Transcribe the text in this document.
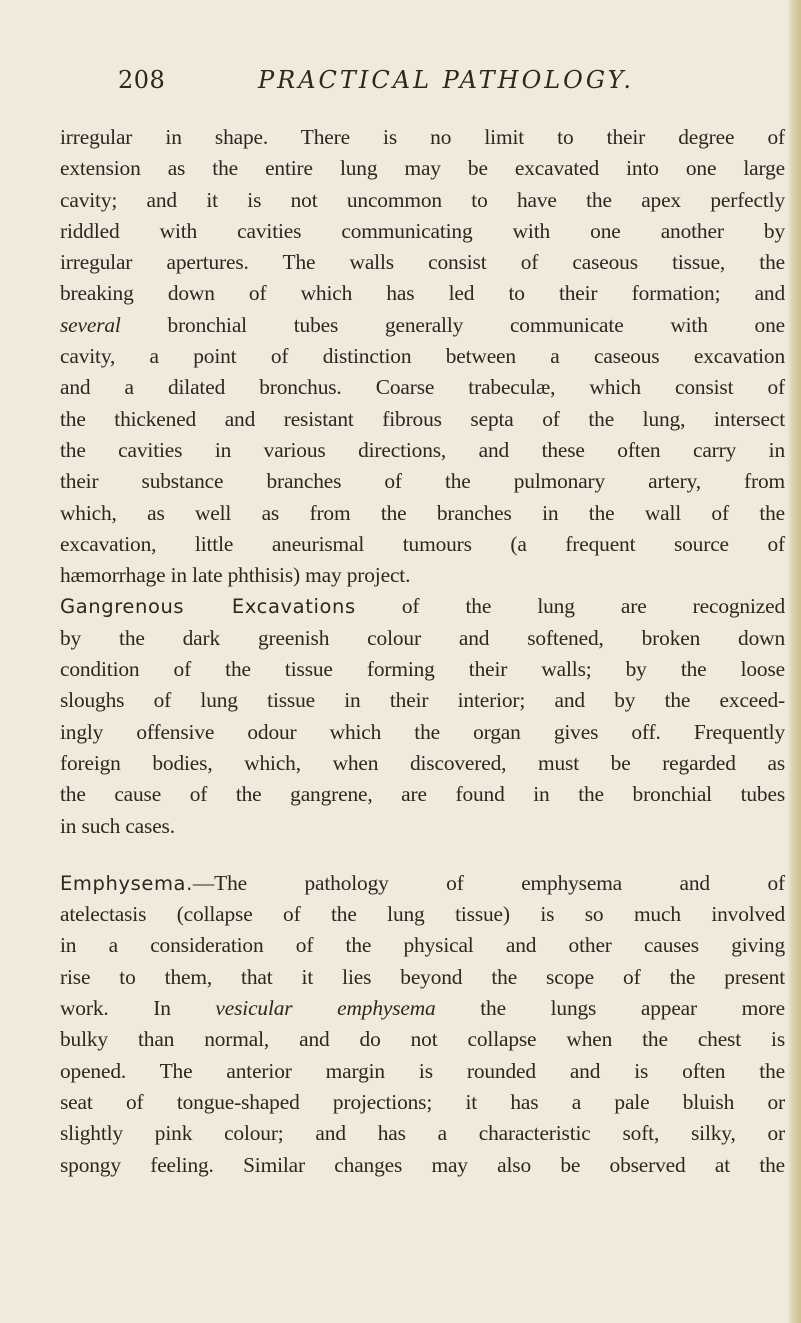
208	PRACTICAL PATHOLOGY.
irregular in shape. There is no limit to their degree of
extension as the entire lung may be excavated into one large
cavity; and it is not uncommon to have the apex perfectly
riddled with cavities communicating with one another by
irregular apertures. The walls consist of caseous tissue, the
breaking down of which has led to their formation; and
several bronchial tubes generally communicate with one
cavity, a point of distinction between a caseous excavation
and a dilated bronchus. Coarse trabeculæ, which consist of
the thickened and resistant fibrous septa of the lung, intersect
the cavities in various directions, and these often carry in
their substance branches of the pulmonary artery, from
which, as well as from the branches in the wall of the
excavation, little aneurismal tumours (a frequent source of
hæmorrhage in late phthisis) may project.
Gangrenous Excavations of the lung are recognized
by the dark greenish colour and softened, broken down
condition of the tissue forming their walls; by the loose
sloughs of lung tissue in their interior; and by the exceed-
ingly offensive odour which the organ gives off. Frequently
foreign bodies, which, when discovered, must be regarded as
the cause of the gangrene, are found in the bronchial tubes
in such cases.
Emphysema.—The pathology of emphysema and of
atelectasis (collapse of the lung tissue) is so much involved
in a consideration of the physical and other causes giving
rise to them, that it lies beyond the scope of the present
work. In vesicular emphysema the lungs appear more
bulky than normal, and do not collapse when the chest is
opened. The anterior margin is rounded and is often the
seat of tongue-shaped projections; it has a pale bluish or
slightly pink colour; and has a characteristic soft, silky, or
spongy feeling. Similar changes may also be observed at the
